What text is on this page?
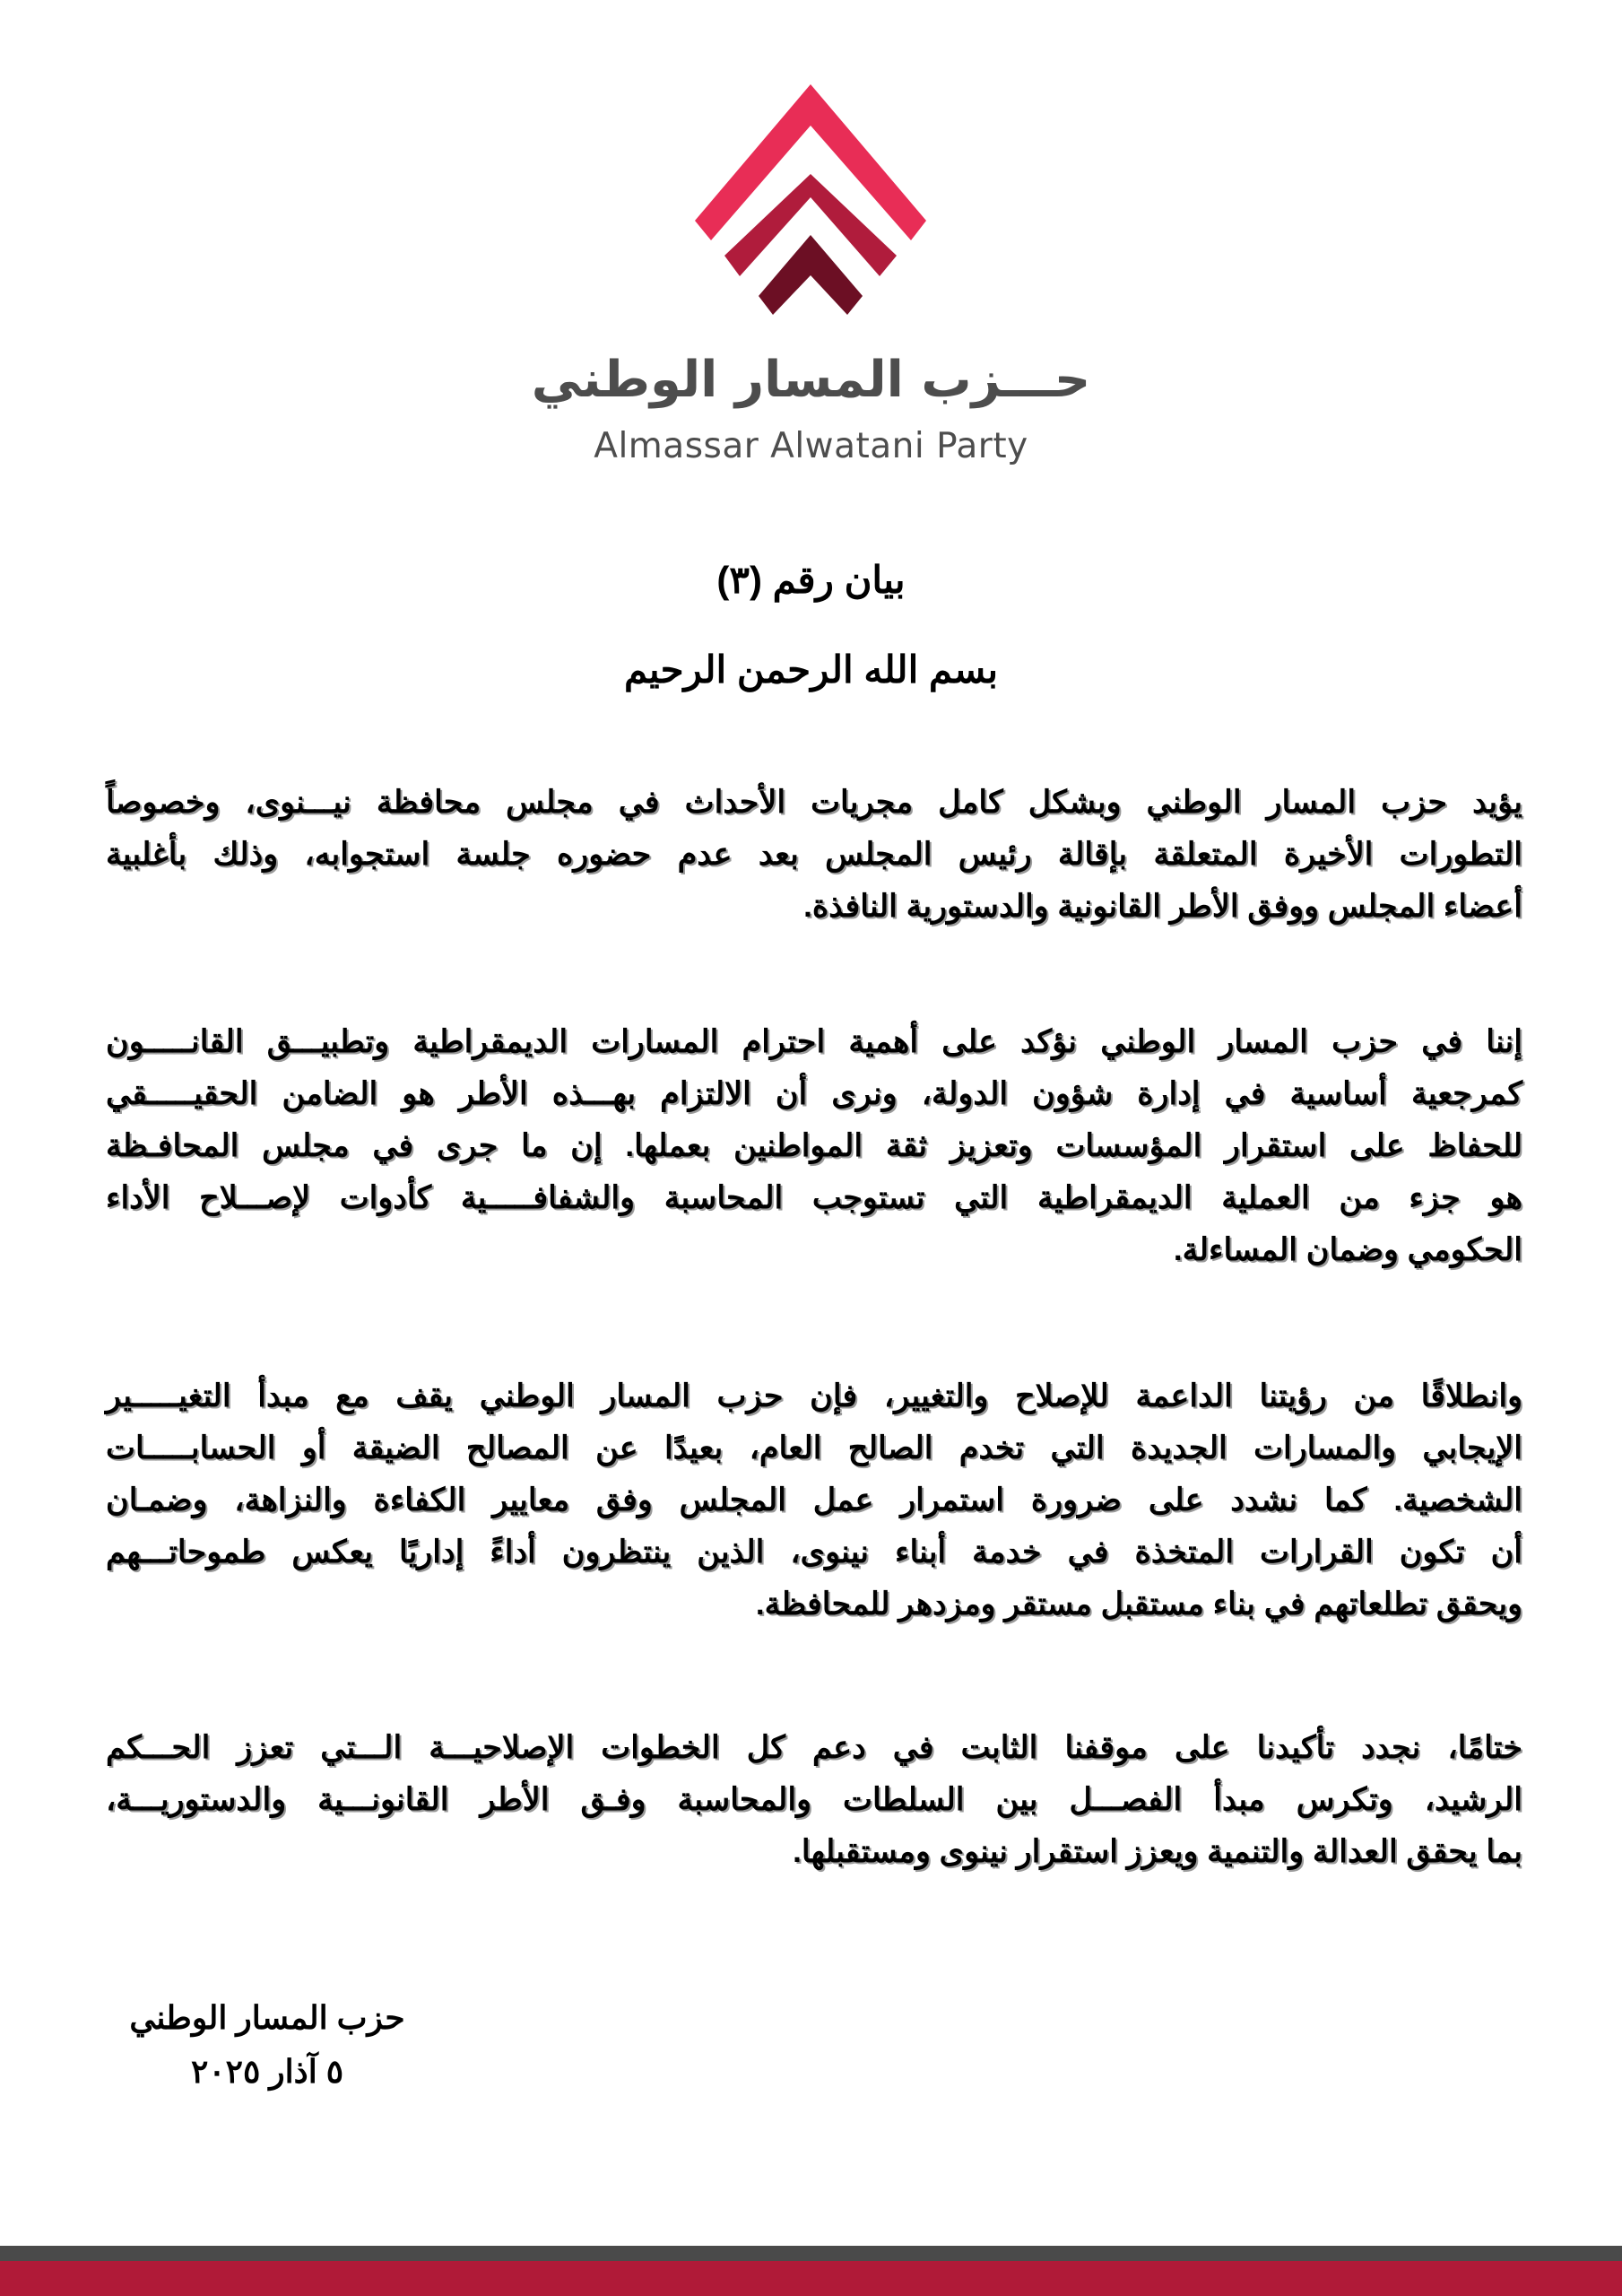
حـــزب المسار الوطني
Almassar Alwatani Party
بيان رقم (٣)
بسم الله الرحمن الرحيم
يؤيد حزب المسار الوطني وبشكل كامل مجريات الأحداث في مجلس محافظة نيـــنوى، وخصوصاً
التطورات الأخيرة المتعلقة بإقالة رئيس المجلس بعد عدم حضوره جلسة استجوابه، وذلك بأغلبية
أعضاء المجلس ووفق الأطر القانونية والدستورية النافذة.
إننا في حزب المسار الوطني نؤكد على أهمية احترام المسارات الديمقراطية وتطبيـــق القانـــــون
كمرجعية أساسية في إدارة شؤون الدولة، ونرى أن الالتزام بهـــذه الأطر هو الضامن الحقيـــــقي
للحفاظ على استقرار المؤسسات وتعزيز ثقة المواطنين بعملها. إن ما جرى في مجلس المحافـظة
هو جزء من العملية الديمقراطية التي تستوجب المحاسبة والشفافـــــية كأدوات لإصـــلاح الأداء
الحكومي وضمان المساءلة.
وانطلاقًا من رؤيتنا الداعمة للإصلاح والتغيير، فإن حزب المسار الوطني يقف مع مبدأ التغيـــــير
الإيجابي والمسارات الجديدة التي تخدم الصالح العام، بعيدًا عن المصالح الضيقة أو الحسابـــــات
الشخصية. كما نشدد على ضرورة استمرار عمل المجلس وفق معايير الكفاءة والنزاهة، وضمـان
أن تكون القرارات المتخذة في خدمة أبناء نينوى، الذين ينتظرون أداءً إداريًا يعكس طموحاتـــهم
ويحقق تطلعاتهم في بناء مستقبل مستقر ومزدهر للمحافظة.
ختامًا، نجدد تأكيدنا على موقفنا الثابت في دعم كل الخطوات الإصلاحيـــة الـــتي تعزز الحـــكم
الرشيد، وتكرس مبدأ الفصـــل بين السلطات والمحاسبة وفـق الأطر القانونـــية والدستوريـــة،
بما يحقق العدالة والتنمية ويعزز استقرار نينوى ومستقبلها.
حزب المسار الوطني
٥ آذار ٢٠٢٥
